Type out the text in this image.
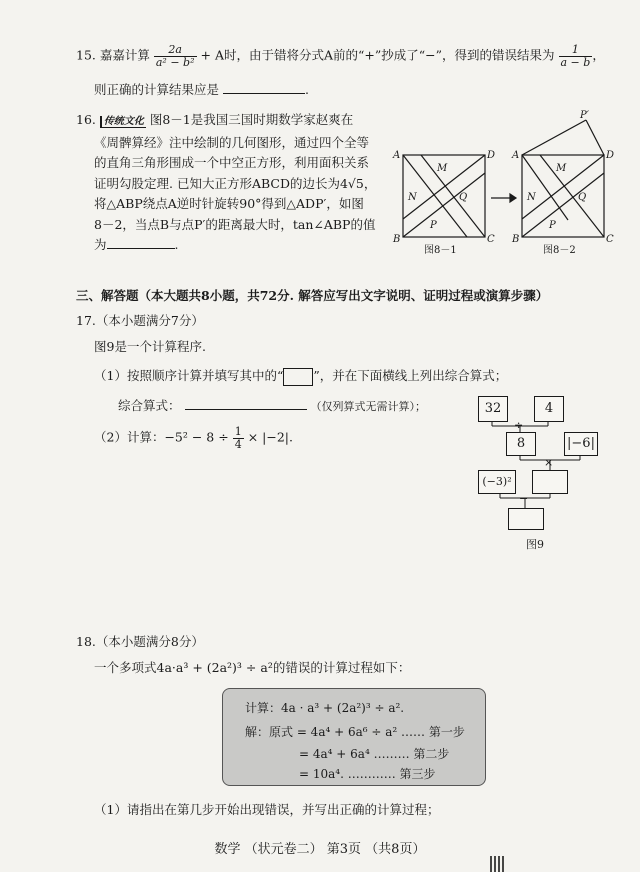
15. 嘉嘉计算 $\frac{2a}{\text{a² − b²}} + A$时，由于错将分式A前的“+”抄成了“−”，得到的错误结果为 $\frac{1}{a - b}$ ，
则正确的计算结果应是	.
16. 传统文化 图8－1是我国三国时期数学家赵爽在
《周髀算经》注中绘制的几何图形，通过四个全等
的直角三角形围成一个中空正方形，利用面积关系
证明勾股定理. 已知大正方形ABCD的边长为4√5，
将△ABP绕点A逆时针旋转90°得到△ADP′，如图
8－2，当点B与点P′的距离最大时，tan∠ABP的值
为	.
A	D
B	C
M
N
P
Q
A	D
B	C
M
N
P
Q
P′
图8－1	图8－2
三、解答题（本大题共8小题，共72分. 解答应写出文字说明、证明过程或演算步骤）
17.（本小题满分7分）
图9是一个计算程序.
（1）按照顺序计算并填写其中的“ ”，并在下面横线上列出综合算式；
综合算式：	（仅列算式无需计算）；
（2）计算：$-5^2 - 8 \div \frac{1}{4} \times |-2|$.
32	4
÷
8	|−6|
×
(−3)²
−
图9
18.（本小题满分8分）
一个多项式4a·a³ + (2a²)³ ÷ a²的错误的计算过程如下：
计算：4a · a³ + (2a²)³ ÷ a².
解：原式 = 4a⁴ + 6a⁶ ÷ a² …… 第一步
= 4a⁴ + 6a⁴ ……… 第二步
= 10a⁴. ………… 第三步
（1）请指出在第几步开始出现错误，并写出正确的计算过程；
数学 （状元卷二） 第3页 （共8页）
